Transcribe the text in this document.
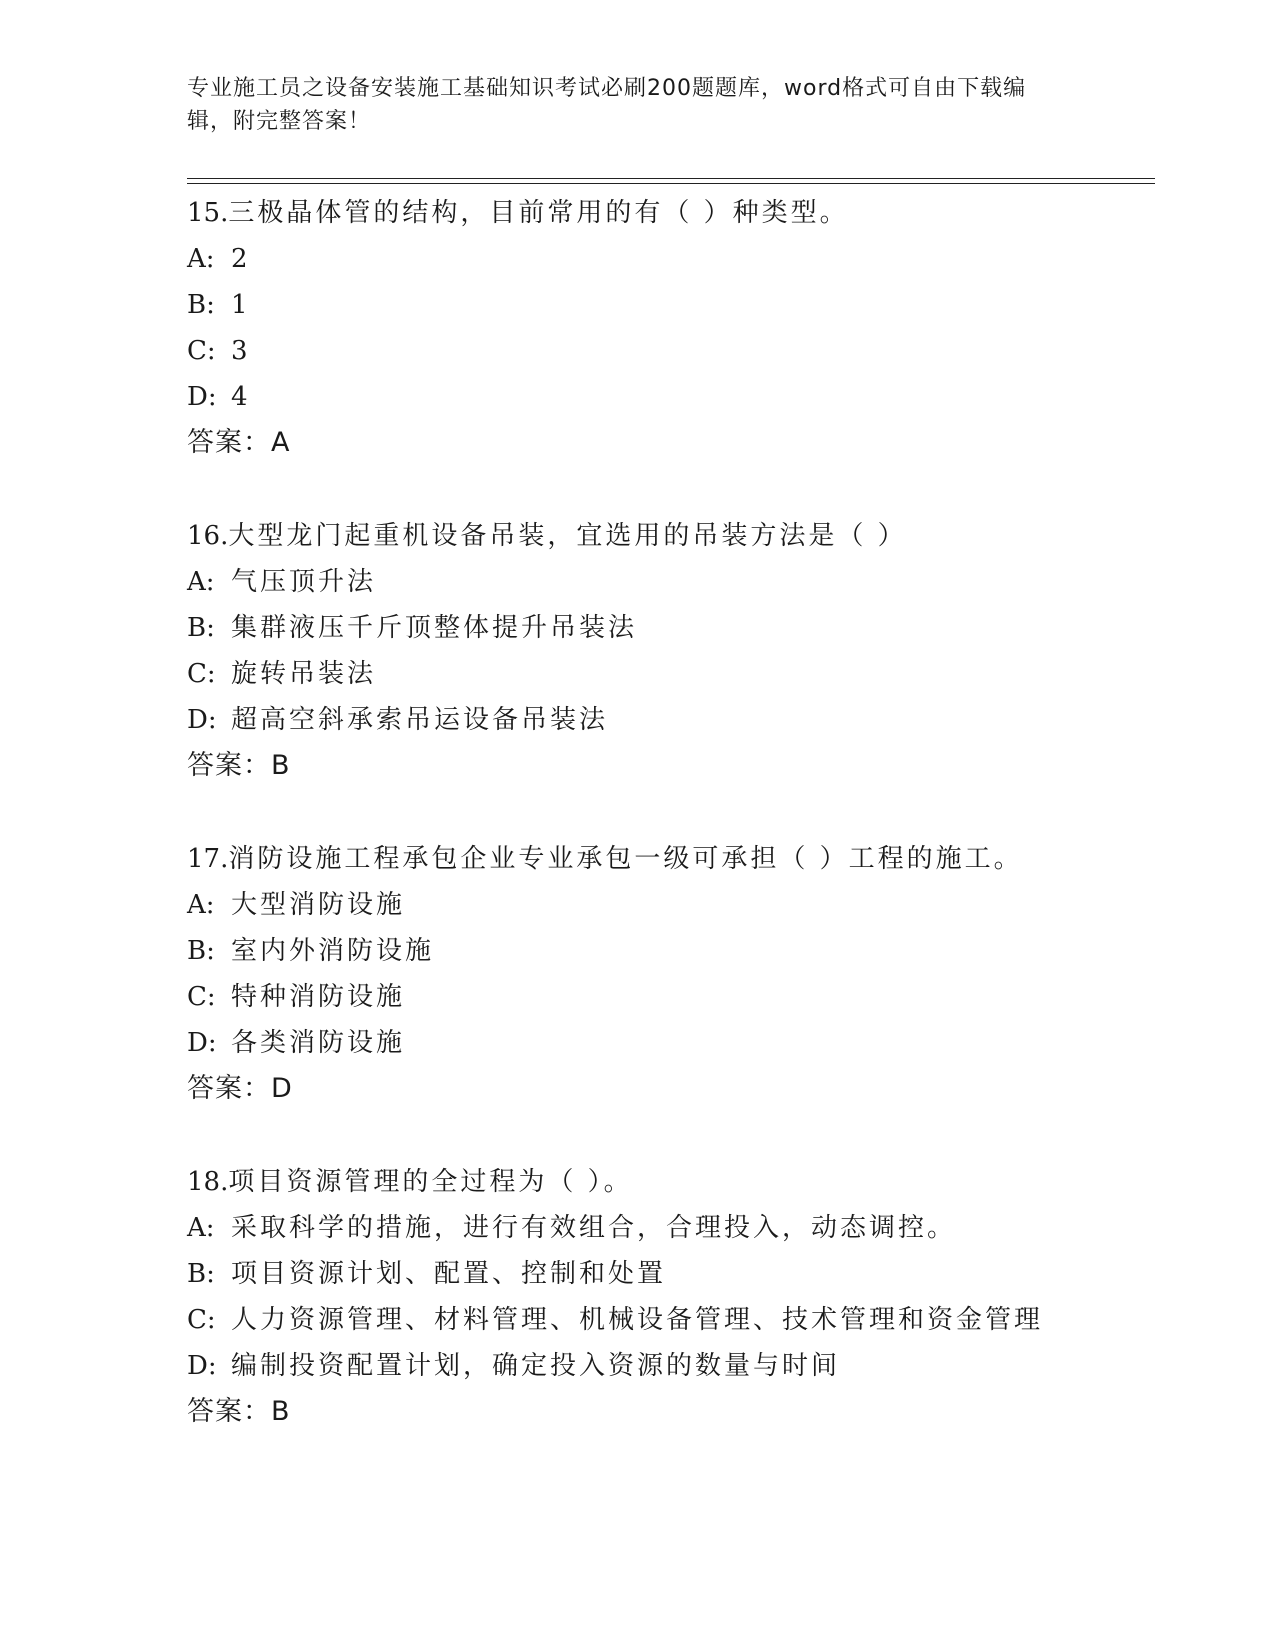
专业施工员之设备安装施工基础知识考试必刷200题题库，word格式可自由下载编辑，附完整答案！
15.三极晶体管的结构，目前常用的有（ ）种类型。
A: 2
B: 1
C: 3
D: 4
答案：A
16.大型龙门起重机设备吊装，宜选用的吊装方法是（ ）
A: 气压顶升法
B: 集群液压千斤顶整体提升吊装法
C: 旋转吊装法
D: 超高空斜承索吊运设备吊装法
答案：B
17.消防设施工程承包企业专业承包一级可承担（ ）工程的施工。
A: 大型消防设施
B: 室内外消防设施
C: 特种消防设施
D: 各类消防设施
答案：D
18.项目资源管理的全过程为（ ）。
A: 采取科学的措施，进行有效组合，合理投入，动态调控。
B: 项目资源计划、配置、控制和处置
C: 人力资源管理、材料管理、机械设备管理、技术管理和资金管理
D: 编制投资配置计划，确定投入资源的数量与时间
答案：B
